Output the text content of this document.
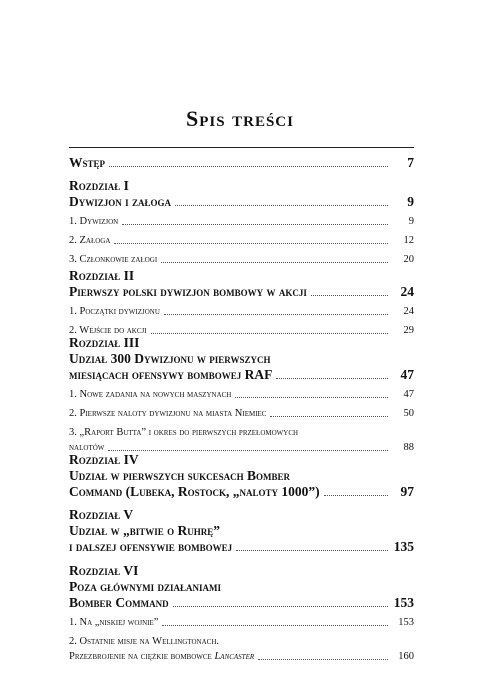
Spis treści
Wstęp	7
Rozdział I
Dywizjon i załoga	9
1. Dywizjon	9
2. Załoga	12
3. Członkowie załogi	20
Rozdział II
Pierwszy polski dywizjon bombowy w akcji	24
1. Początki dywizjonu	24
2. Wejście do akcji	29
Rozdział III
Udział 300 Dywizjonu w pierwszych
miesiącach ofensywy bombowej RAF	47
1. Nowe zadania na nowych maszynach	47
2. Pierwsze naloty dywizjonu na miasta Niemiec	50
3. „Raport Butta” i okres do pierwszych przełomowych
nalotów	88
Rozdział IV
Udział w pierwszych sukcesach Bomber
Command (Lubeka, Rostock, „naloty 1000”)	97
Rozdział V
Udział w „bitwie o Ruhrę”
i dalszej ofensywie bombowej	135
Rozdział VI
Poza głównymi działaniami
Bomber Command	153
1. Na „niskiej wojnie”	153
2. Ostatnie misje na Wellingtonach.
Przezbrojenie na ciężkie bombowce Lancaster	160
